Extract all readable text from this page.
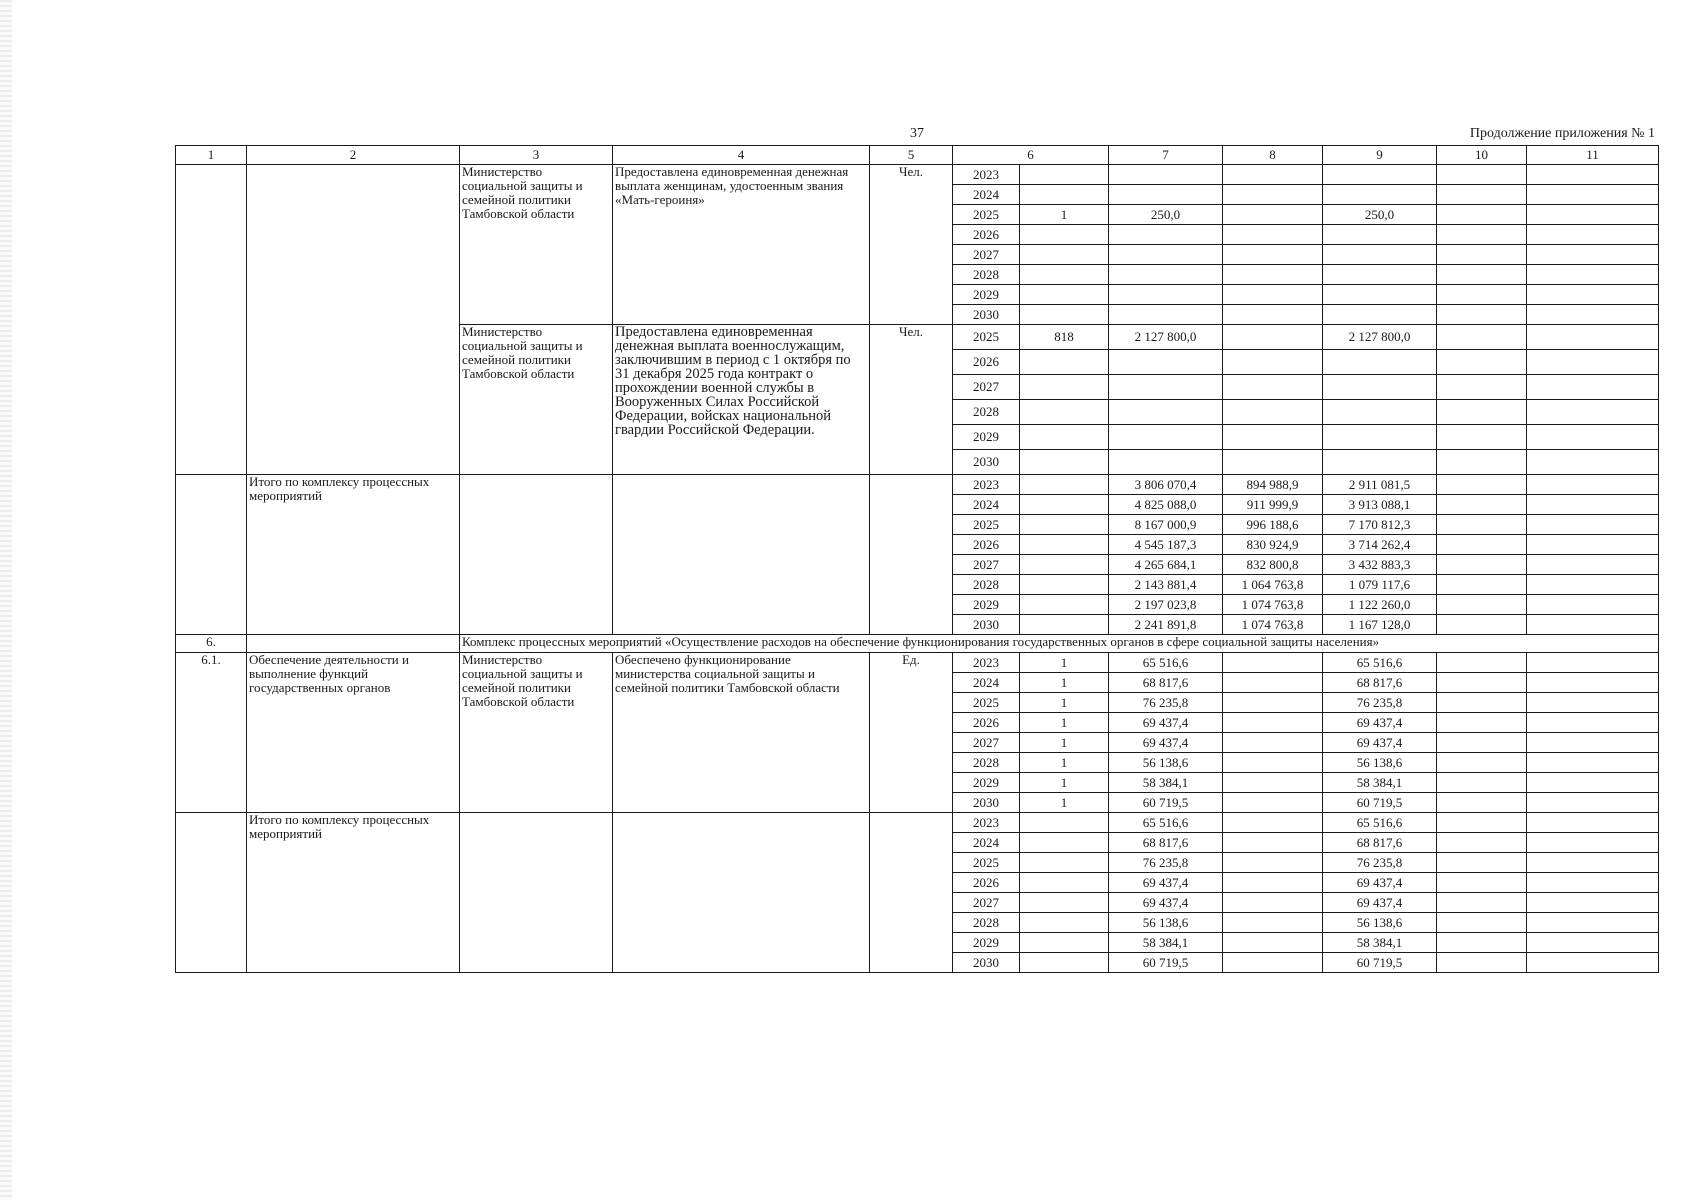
37	Продолжение приложения № 1
1	2	3	4	5	6		7	8	9	10	11
		Министерство социальной защиты и семейной политики Тамбовской области	Предоставлена единовременная денежная выплата женщинам, удостоенным звания «Мать-героиня»	Чел.	2023						
					2024						
					2025	1	250,0		250,0		
					2026						
					2027						
					2028						
					2029						
					2030						
		Министерство социальной защиты и семейной политики Тамбовской области	Предоставлена единовременная денежная выплата военнослужащим, заключившим в период с 1 октября по 31 декабря 2025 года контракт о прохождении военной службы в Вооруженных Силах Российской Федерации, войсках национальной гвардии Российской Федерации.	Чел.	2025	818	2 127 800,0		2 127 800,0		
					2026						
					2027						
					2028						
					2029						
					2030						
	Итого по комплексу процессных мероприятий				2023		3 806 070,4	894 988,9	2 911 081,5		
					2024		4 825 088,0	911 999,9	3 913 088,1		
					2025		8 167 000,9	996 188,6	7 170 812,3		
					2026		4 545 187,3	830 924,9	3 714 262,4		
					2027		4 265 684,1	832 800,8	3 432 883,3		
					2028		2 143 881,4	1 064 763,8	1 079 117,6		
					2029		2 197 023,8	1 074 763,8	1 122 260,0		
					2030		2 241 891,8	1 074 763,8	1 167 128,0		
6.		Комплекс процессных мероприятий «Осуществление расходов на обеспечение функционирования государственных органов в сфере социальной защиты населения»									
6.1.	Обеспечение деятельности и выполнение функций государственных органов	Министерство социальной защиты и семейной политики Тамбовской области	Обеспечено функционирование министерства социальной защиты и семейной политики Тамбовской области	Ед.	2023	1	65 516,6		65 516,6		
					2024	1	68 817,6		68 817,6		
					2025	1	76 235,8		76 235,8		
					2026	1	69 437,4		69 437,4		
					2027	1	69 437,4		69 437,4		
					2028	1	56 138,6		56 138,6		
					2029	1	58 384,1		58 384,1		
					2030	1	60 719,5		60 719,5		
	Итого по комплексу процессных мероприятий				2023		65 516,6		65 516,6		
					2024		68 817,6		68 817,6		
					2025		76 235,8		76 235,8		
					2026		69 437,4		69 437,4		
					2027		69 437,4		69 437,4		
					2028		56 138,6		56 138,6		
					2029		58 384,1		58 384,1		
					2030		60 719,5		60 719,5		
